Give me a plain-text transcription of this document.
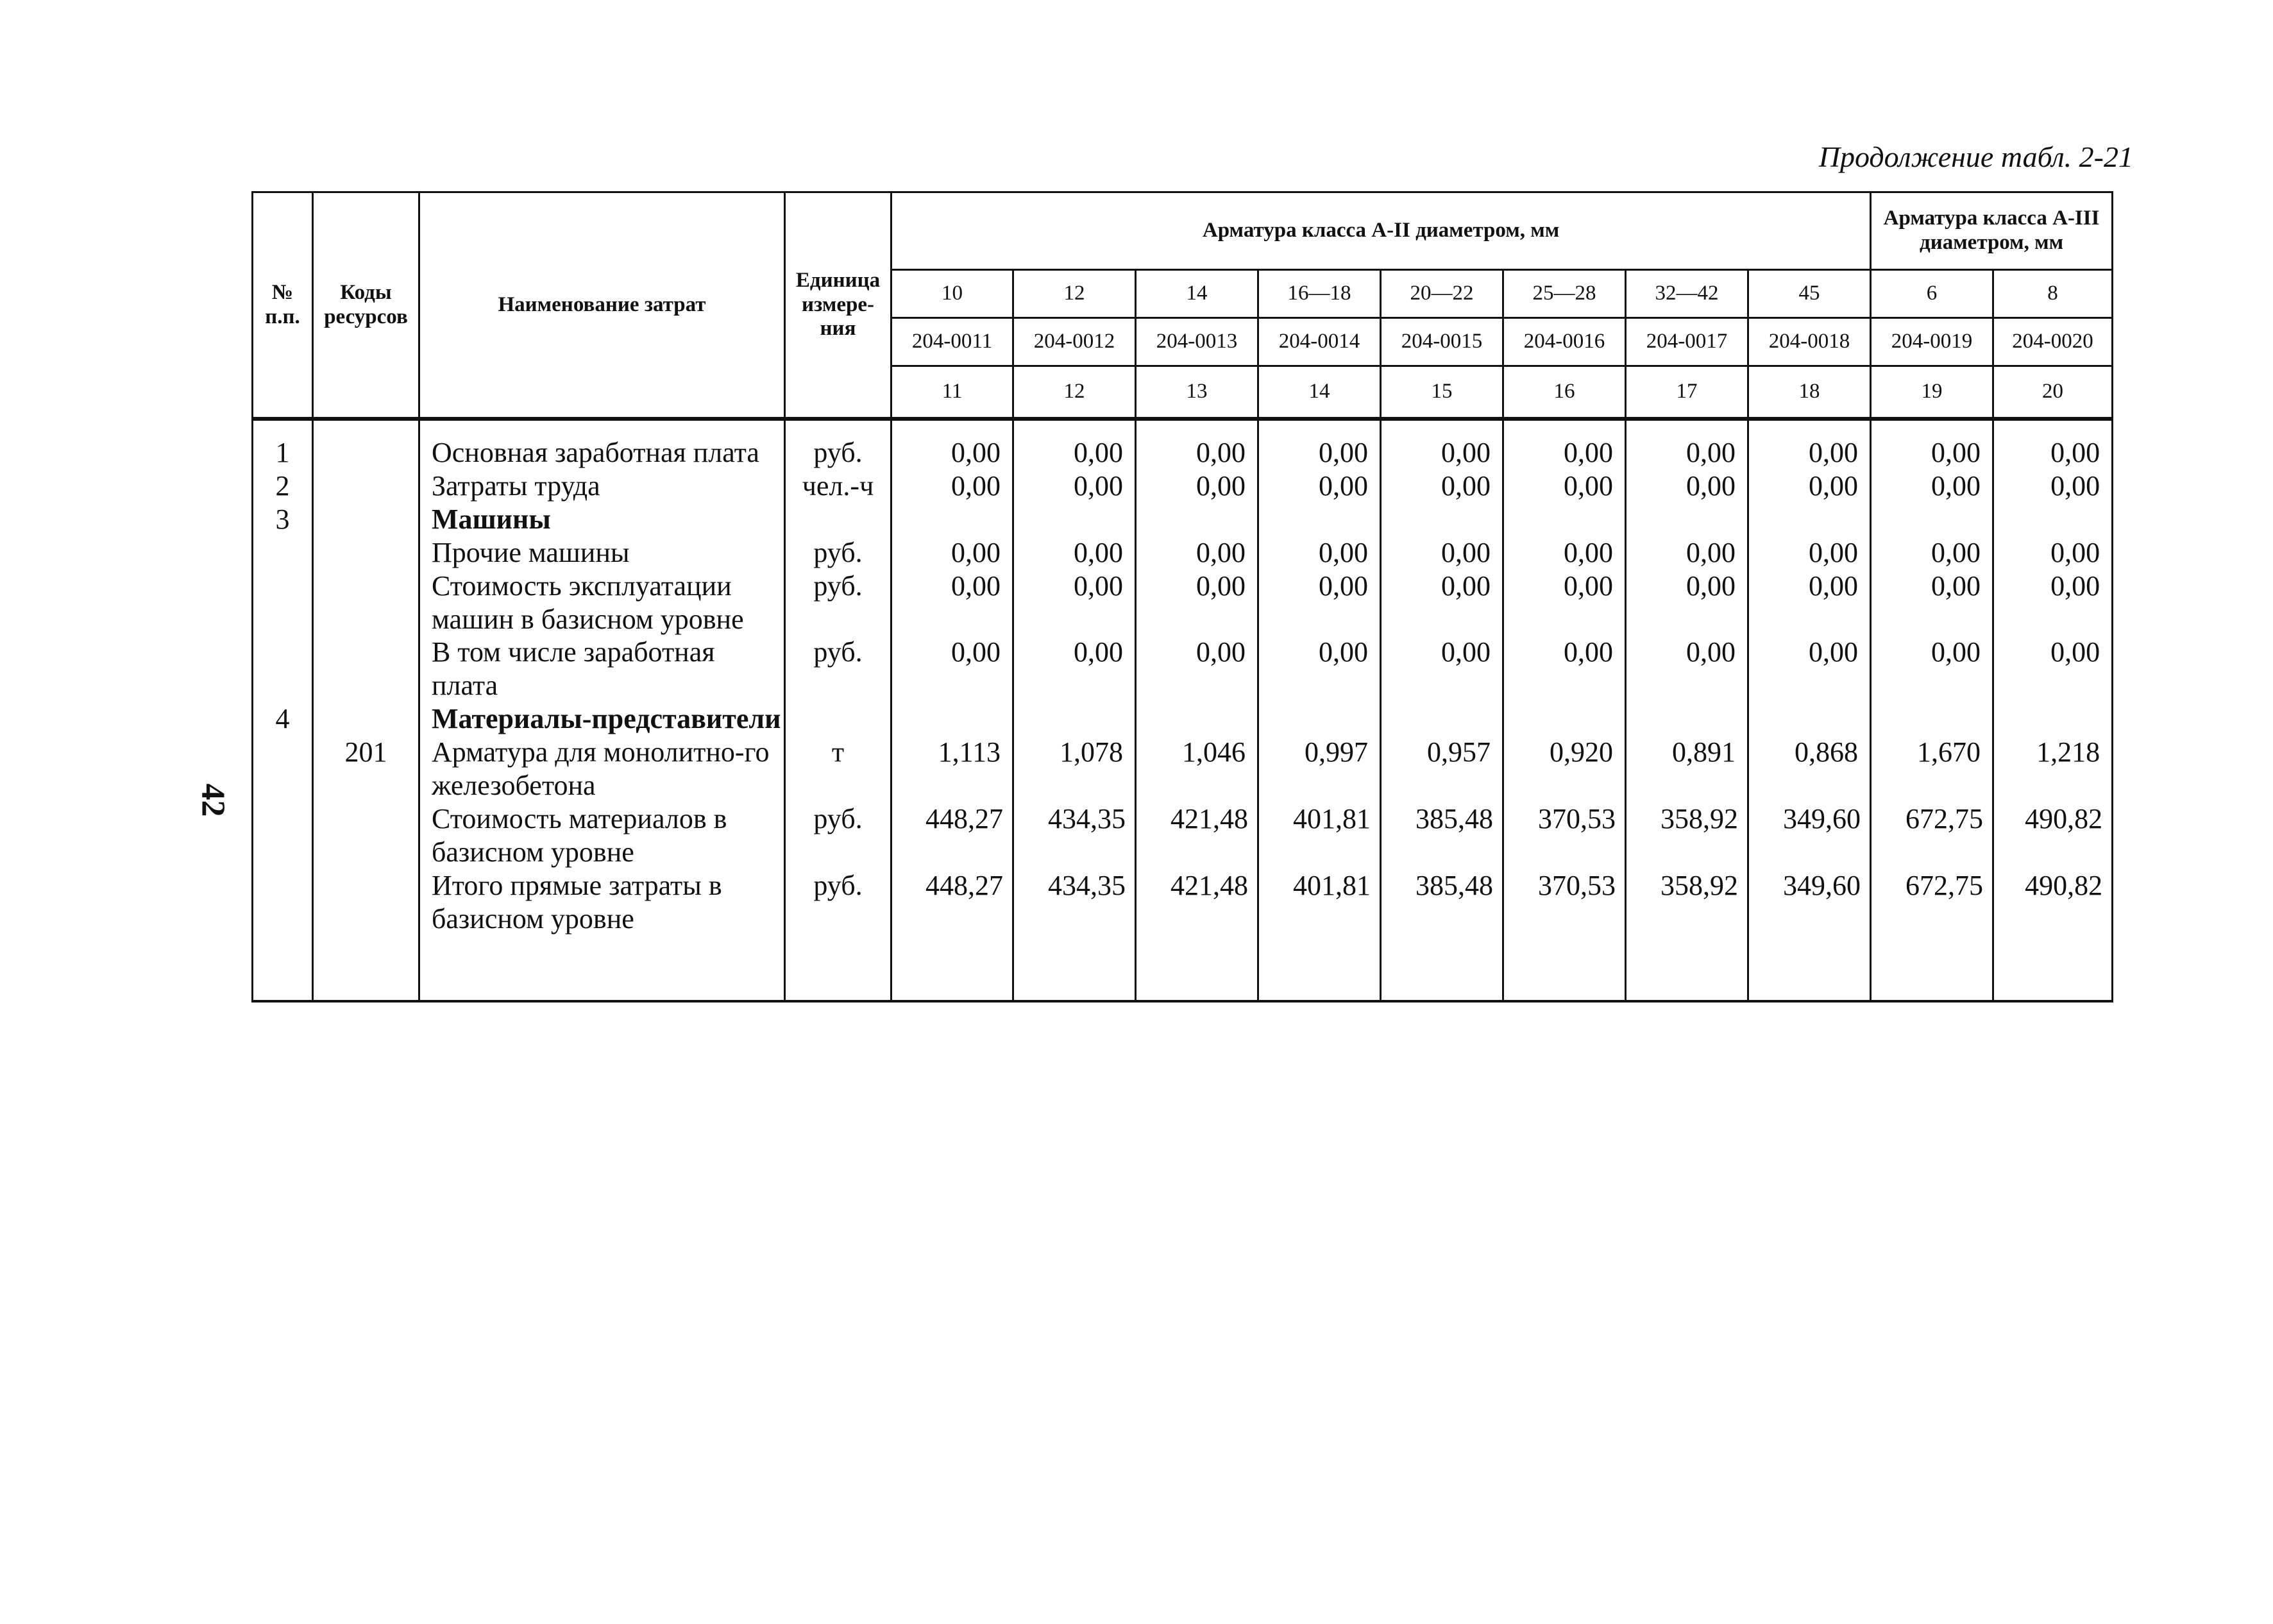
Продолжение табл. 2-21
42
№ п.п.	Коды ресурсов	Наименование затрат	Единица измере-ния	Арматура класса А-II диаметром, мм								Арматура класса А-III диаметром, мм	
				10	12	14	16—18	20—22	25—28	32—42	45	6	8
				204-0011	204-0012	204-0013	204-0014	204-0015	204-0016	204-0017	204-0018	204-0019	204-0020
				11	12	13	14	15	16	17	18	19	20
1		Основная заработная плата	руб.	0,00	0,00	0,00	0,00	0,00	0,00	0,00	0,00	0,00	0,00
2		Затраты труда	чел.-ч	0,00	0,00	0,00	0,00	0,00	0,00	0,00	0,00	0,00	0,00
3		Машины											
		Прочие машины	руб.	0,00	0,00	0,00	0,00	0,00	0,00	0,00	0,00	0,00	0,00
		Стоимость эксплуатации машин в базисном уровне	руб.	0,00	0,00	0,00	0,00	0,00	0,00	0,00	0,00	0,00	0,00
		В том числе заработная плата	руб.	0,00	0,00	0,00	0,00	0,00	0,00	0,00	0,00	0,00	0,00
4		Материалы-представители											
	201	Арматура для монолитно-го железобетона	т	1,113	1,078	1,046	0,997	0,957	0,920	0,891	0,868	1,670	1,218
		Стоимость материалов в базисном уровне	руб.	448,27	434,35	421,48	401,81	385,48	370,53	358,92	349,60	672,75	490,82
		Итого прямые затраты в базисном уровне	руб.	448,27	434,35	421,48	401,81	385,48	370,53	358,92	349,60	672,75	490,82
